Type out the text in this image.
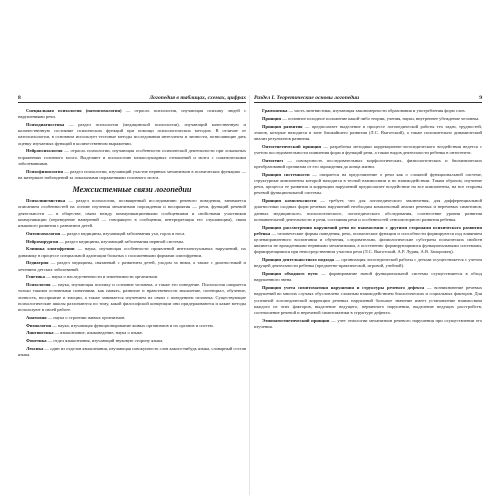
8	Логопедия в таблицах, схемах, цифрах

Специальная психология (патопсихология) — отрасль психологии, изучающая психику людей с нарушениями речи.

Психодиагностика — раздел психологии (медицинской психологии), изучающий качественную и количественную состояние психических функций при помощи психологических методов. В отличие от патопсихологии, в основном использует тестовые методы исследования интеллекта и личности, позволяющие дать оценку изучаемых функций в количественном выражении.

Нейропсихология — отрасль психологии, изучающая особенности психической деятельности при локальных поражениях головного мозга. Выделяют и психологию межполушарных отношений и мозга с соматическими заболеваниями.

Психофизиология — раздел психологии, изучающий участие нервных механизмов в психических функциях — на материале наблюдений за локальными поражениями головного мозга.

Межсистемные связи логопедии

Психолингвистика — раздел психологии, посвященный исследованию речевого поведения, занимается описанием особенностей на основе изучения механизмов порождения и восприятия — речи, функций речевой деятельности — в обществе, связи между коммуникационными сообщениями и свойствами участников коммуникации (переведение намерений — говорящего в сообщения, интерпретация его слушающим), связи языкового развития с развитием детей.

Онтопсихология — раздел медицины, изучающий заболевания уха, горла и носа.

Нейрохирургия — раздел медицины, изучающий заболевания нервной системы.

Клиника олигофрении — наука, изучающая особенности проявлений интеллектуальных нарушений, их динамику в процессе специальной адаптации больных с положенными формами олигофрении.

Педиатрия — раздел медицины, связанный с развитием детей, уходом за ними, а также с диагностикой и лечением детских заболеваний.

Генетика — наука о наследственности и изменчивости организмов.

Психология — наука, изучающая психику и сознание человека, а также его поведение. Психология опирается только такими основными понятиями, как память, развитие и нравственности мышление, потенциал, обучение, личность, восприятие и эмоции, а также занимается изучением их связи с поведением человека. Существующие психологические школы различаются по тому, какой философской концепции они придерживаются и какие методы используют в своей работе.

Анатомия — наука о строении живых организмов.

Физиология — наука, изучающая функционирование живых организмов и их органов и систем.

Лингвистика — языкознание, языковедение, наука о языке.

Фонетика — отдел языкознания, изучающий звуковую сторону языка.

Лексика — один из отделов языкознания, изучающая совокупность слов какого-нибудь языка, словарный состав языка.

Раздел I. Теоретические основы логопедии	9

Грамматика — часть лингвистики, изучающая закономерности образования и употребления форм слов.

Принцип — основное исходное положение какой-либо теории, учения, науки, внутреннее убеждение человека.

Принцип развития — предполагает выделение в процессе логопедической работы тех задач, трудностей, этапов, которые находятся в зоне ближайшего развития (Л.С. Выготский), а также положительно динамический анализ результатов развития.

Онтогенетический принцип — разработка методики коррекционно-логопедического воздействия ведется с учетом последовательности появления форм и функций речи, а также видов деятельности ребенка в онтогенезе.

Онтогенез — совокупность последовательных морфологических, физиологических и биохимических преобразований организма от его зарождения до конца жизни.

Принцип системности — опирается на представление о речи как о сложной функциональной системе, структурные компоненты которой находятся в тесной взаимосвязи и во взаимодействии. Таким образом, изучение речи, процесса ее развития и коррекции нарушений предполагает воздействие на все компоненты, на все стороны речевой функциональной системы.

Принцип комплексности — требует, что для логопедического заключения, для дифференциальной диагностики сходных форм речевых нарушений необходим комплексный анализ речевых и неречевых симптомов, данных медицинского, психологического, логопедического обследования, соотнесение уровня развития познавательной деятельности и речи, состояния речи и особенностей сенсомоторного развития ребенка.

Принцип рассмотрения нарушений речи во взаимосвязи с другими сторонами психического развития ребенка — человеческие формы поведения, речь, психические функции и способности формируются под влиянием целенаправленного воспитания и обучения, следовательно, физиологические субстраты психических свойств являются не врожденными нервными механизмами, а постепенно формирующимися функциональными системами, формирующимися при непосредственном участии речи (Л.С. Выготский, А.Р. Лурия, А.В. Запорожец).

Принцип деятельностного подхода — организация логопедической работы с детьми осуществляется с учетом ведущей деятельности ребенка (предметно-практической, игровой, учебной).

Принцип обходного пути — формирование новой функциональной системы осуществляется в обход нарушенного звена.

Принцип учета симптоматики нарушения и структуры речевого дефекта — возникновение речевых нарушений во многих случаях обусловлено сложным взаимодействием биологических и социальных факторов. Для успешной логопедической коррекции речевых нарушений большое значение имеет установление взаимосвязи каждого из этих факторов, выделение ведущего, первичного нарушения, выделение ведущих расстройств, соотношение речевой и неречевой симптоматики в структуре дефекта.

Этиопатогенетический принцип — учет этиологии механизмов речевого нарушения при осуществлении его изучения.
